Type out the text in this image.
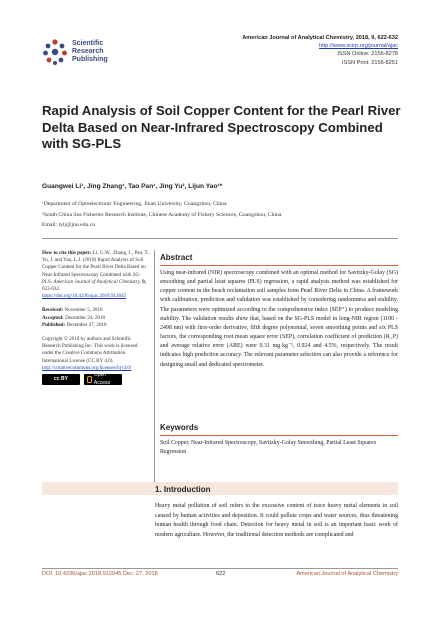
Scientific
Research
Publishing
American Journal of Analytical Chemistry, 2018, 9, 622-632
http://www.scirp.org/journal/ajac
ISSN Online: 2156-8278
ISSN Print: 2156-8251
Rapid Analysis of Soil Copper Content for the Pearl River Delta Based on Near-Infrared Spectroscopy Combined with SG-PLS
Guangwei Li¹, Jing Zhang¹, Tao Pan¹, Jing Yu², Lijun Yao¹*
¹Department of Optoelectronic Engineering, Jinan University, Guangzhou, China
²South China Sea Fisheries Research Institute, Chinese Academy of Fishery Sciences, Guangzhou, China
Email: tylj@jnu.edu.cn
How to cite this paper: Li, G.W., Zhang, J., Pan, T., Yu, J. and Yao, L.J. (2018) Rapid Analysis of Soil Copper Content for the Pearl River Delta Based on Near-Infrared Spectroscopy Combined with SG-PLS. American Journal of Analytical Chemistry, 9, 622-632.
https://doi.org/10.4236/ajac.2018.912045
Received: November 5, 2018
Accepted: December 24, 2018
Published: December 27, 2018
Copyright © 2018 by authors and Scientific Research Publishing Inc. This work is licensed under the Creative Commons Attribution International License (CC BY 4.0).
http://creativecommons.org/licenses/by/4.0/
cc BY
Open Access
Abstract
Using near-infrared (NIR) spectroscopy combined with an optimal method for Savitzky-Golay (SG) smoothing and partial least squares (PLS) regression, a rapid analysis method was established for copper content in the beach reclamation soil samples from Pearl River Delta in China. A framework with calibration, prediction and validation was established by considering randomness and stability. The parameters were optimized according to the comprehensive index (SEP⁺) to produce modeling stability. The validation results show that, based on the SG-PLS model in long-NIR region (1100 - 2498 nm) with first-order derivative, fifth degree polynomial, seven smoothing points and six PLS factors, the corresponding root mean square error (SEP), correlation coefficient of prediction (R_P) and average relative error (ARE) were 0.31 mg·kg⁻¹, 0.924 and 4.5%, respectively. The result indicates high prediction accuracy. The relevant parameter selection can also provide a reference for designing small and dedicated spectrometer.
Keywords
Soil Copper, Near-Infrared Spectroscopy, Savitzky-Golay Smoothing, Partial Least Squares Regression
1. Introduction
Heavy metal pollution of soil refers to the excessive content of trace heavy metal elements in soil caused by human activities and deposition. It could pollute crops and water sources, thus threatening human health through food chain. Detection for heavy metal in soil is an important basic work of modern agriculture. However, the traditional detection methods are complicated and
DOI: 10.4236/ajac.2018.912045 Dec. 27, 2018	622	American Journal of Analytical Chemistry
